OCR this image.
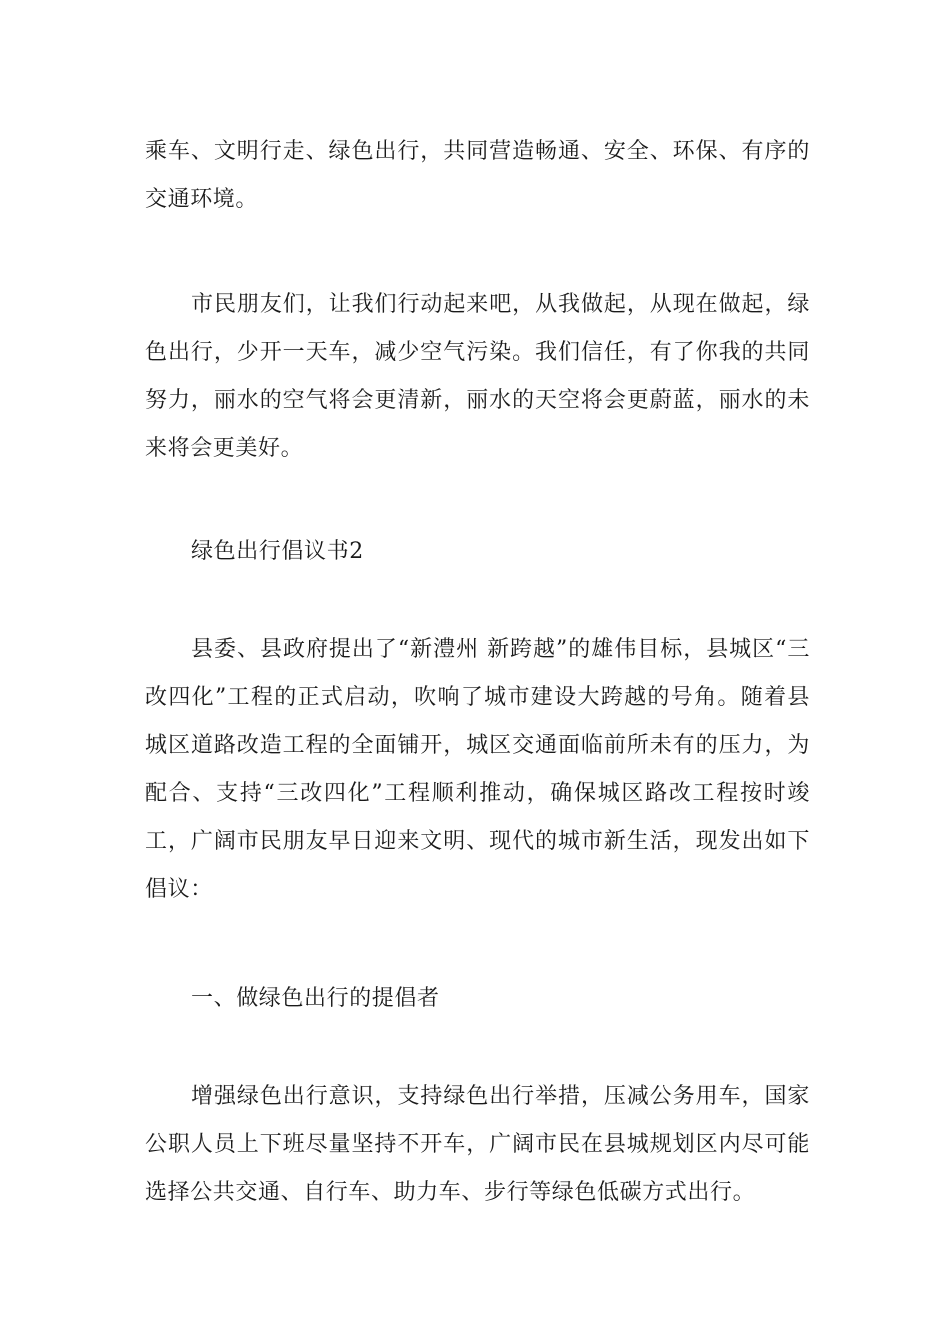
乘车、文明行走、绿色出行，共同营造畅通、安全、环保、有序的交通环境。

市民朋友们，让我们行动起来吧，从我做起，从现在做起，绿色出行，少开一天车，减少空气污染。我们信任，有了你我的共同努力，丽水的空气将会更清新，丽水的天空将会更蔚蓝，丽水的未来将会更美好。

绿色出行倡议书2

县委、县政府提出了“新澧州 新跨越”的雄伟目标，县城区“三改四化”工程的正式启动，吹响了城市建设大跨越的号角。随着县城区道路改造工程的全面铺开，城区交通面临前所未有的压力，为配合、支持“三改四化”工程顺利推动，确保城区路改工程按时竣工，广阔市民朋友早日迎来文明、现代的城市新生活，现发出如下倡议：

一、做绿色出行的提倡者

增强绿色出行意识，支持绿色出行举措，压减公务用车，国家公职人员上下班尽量坚持不开车，广阔市民在县城规划区内尽可能选择公共交通、自行车、助力车、步行等绿色低碳方式出行。
